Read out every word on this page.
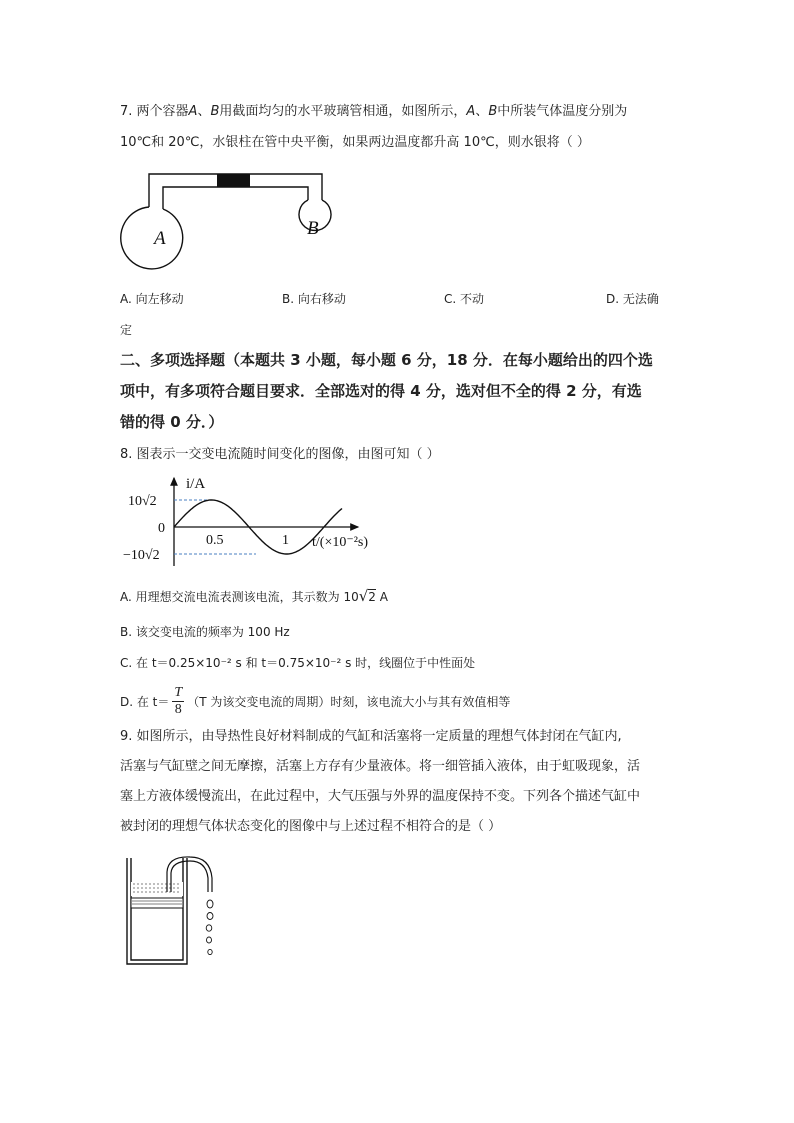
7. 两个容器A、B用截面均匀的水平玻璃管相通，如图所示，A、B中所装气体温度分别为
10℃和 20℃，水银柱在管中央平衡，如果两边温度都升高 10℃，则水银将（ ）
A	B
A. 向左移动	B. 向右移动	C. 不动	D. 无法确
定
二、多项选择题（本题共 3 小题，每小题 6 分，18 分．在每小题给出的四个选
项中，有多项符合题目要求．全部选对的得 4 分，选对但不全的得 2 分，有选
错的得 0 分．）
8. 图表示一交变电流随时间变化的图像，由图可知（ ）
i/A
10√2
0
−10√2
0.5	1 t/(×10⁻²s)
A. 用理想交流电流表测该电流，其示数为 10√2 A
B. 该交变电流的频率为 100 Hz
C. 在 t＝0.25×10⁻² s 和 t＝0.75×10⁻² s 时，线圈位于中性面处
D. 在 t＝
T
8
（T 为该交变电流的周期）时刻，该电流大小与其有效值相等
9. 如图所示，由导热性良好材料制成的气缸和活塞将一定质量的理想气体封闭在气缸内,
活塞与气缸壁之间无摩擦，活塞上方存有少量液体。将一细管插入液体，由于虹吸现象，活
塞上方液体缓慢流出，在此过程中，大气压强与外界的温度保持不变。下列各个描述气缸中
被封闭的理想气体状态变化的图像中与上述过程不相符合的是（ ）
